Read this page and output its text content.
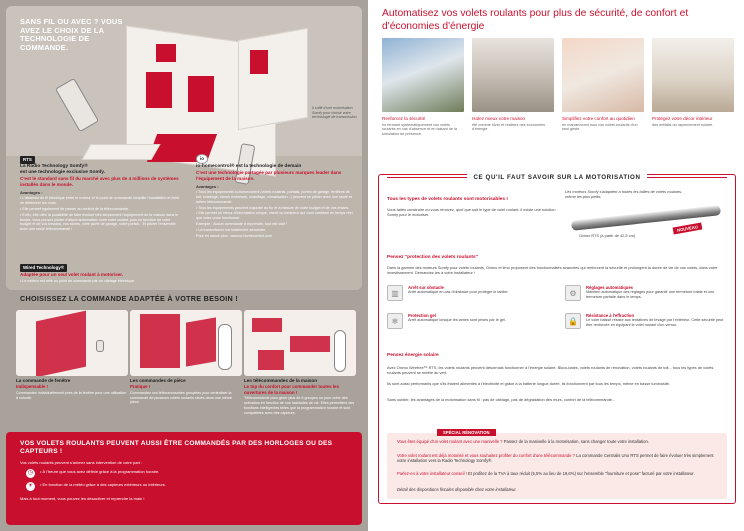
SANS FIL OU AVEC ? VOUS AVEZ LE CHOIX DE LA TECHNOLOGIE DE COMMANDE.
Il suffit d'une motorisation Somfy pour choisir votre technologie de transmission.
RTS
La Radio Technology Somfy®
est une technologie exclusive Somfy.
C'est le standard sans fil du marché avec plus de 4 millions de systèmes installés dans le monde.
Avantages :
• L'absence de fil électrique entre le moteur et le point de commande simplifie l'installation et évite de détériorer les murs.
• Elle permet également de passer au confort de la télécommande.
• Enfin, elle offre la possibilité de faire évoluer très simplement l'équipement de la maison dans le temps. Vous pouvez piloter d'abord automatiser votre volet roulant, puis en fonction de votre budget et de vos besoins, vos stores, votre porte de garage, votre portail... Et piloter l'ensemble avec une seule télécommande !
io
io-homecontrol® est la technologie de demain
C'est une technologie partagée par plusieurs marques leader dans l'équipement de la maison.
Avantages :
• Tous les équipements io-homecontrol (volets roulants, portails, portes de garage, fenêtres de toit, éclairage, stores motorisés, chauffage, climatisation...) peuvent se piloter avec une seule et même télécommande.
• Tous les équipements peuvent s'ajouter au fur et à mesure de votre budget et de vos envies.
• Elle permet un retour d'information unique, visuel ou lumineux qui vous confirme en temps réel que votre ordre fonctionne.
Exemple : Aucun commande à reprendre, tout est clair !
• La transmission est totalement sécurisée.
Pour en savoir plus : www.io-homecontrol.com
Wired Technology®
Adaptée pour un seul volet roulant à motoriser.
• Le moteur est relié au point de commande par un câblage électrique.
CHOISISSEZ LA COMMANDE ADAPTÉE À VOTRE BESOIN !
La commande de fenêtre
Indispensable !
Commandez individuellement près de la fenêtre pour une utilisation à volonté.
Les commandes de pièce
Pratique !
Commandez vos télécommandes groupées pour centraliser la commande de plusieurs volets roulants situés dans une même pièce.
Les télécommandes de la maison
Le top du confort pour commander toutes les ouvertures de la maison !
Télécommande pour gérer plus de 5 groupes ou pour créer des scénarios en fonction de vos habitudes de vie. Elles permettent des fonctions intelligentes telles que la programmation horaire et sont compatibles avec des capteurs.
VOS VOLETS ROULANTS PEUVENT AUSSI ÊTRE COMMANDÉS PAR DES HORLOGES OU DES CAPTEURS !
Vos volets roulants peuvent s'animer sans intervention de votre part :
◷	• À l'heure que vous avez définie grâce à la programmation horaire.
☀	• En fonction de la météo grâce à des capteurs extérieurs ou intérieurs.
Mais à tout moment, vous pouvez les désactiver et reprendre la main !
Automatisez vos volets roulants pour plus de sécurité, de confort et d'économies d'énergie
Renforcez la sécurité
en fermant systématiquement vos volets roulants en cas d'absence et en faisant de la simulation de présence.
Isolez mieux votre maison
été comme hiver et réalisez des économies d'énergie.
Simplifiez votre confort au quotidien
en manœuvrant tous vos volets roulants d'un seul geste.
Protégez votre décor intérieur
des méfaits du rayonnement solaire.
CE QU'IL FAUT SAVOIR SUR LA MOTORISATION
Tous les types de volets roulants sont motorisables !
Vous faites construire ou vous rénovez, quel que soit le type de volet roulant, il existe une solution Somfy pour le motoriser.
Les moteurs Somfy s'adaptent à toutes les tailles de volets roulants, même les plus petits.
Oximo RTS (à partir de 42,5 cm)
NOUVEAU
Pensez "protection des volets roulants"
Dans la gamme des moteurs Somfy pour volets roulants, Oximo et ilmo proposent des fonctionnalités avancées qui renforcent la sécurité et prolongent la durée de vie de vos volets, dans votre investissement. Demandez-les à votre installateur !
▥
Arrêt sur obstacle
Arrêt automatique en cas d'obstacle pour protéger le tablier.	⚙
Réglages automatiques
Maintien automatique des réglages pour garantir une fermeture totale et une fermeture parfaite dans le temps.
❄
Protection gel
Arrêt automatique lorsque les lames sont prises par le gel.	🔒
Résistance à l'effraction
Le volet baissé résiste aux tentatives de levage par l'extérieur. Cette sécurité peut être renforcée en équipant le volet roulant d'un verrou.
Pensez énergie solaire
Avec Oximo Wirefree™ RTS, les volets roulants peuvent désormais fonctionner à l'énergie solaire. Blocs-baies, volets roulants de rénovation, volets roulants de toit... tous les types de volets roulants peuvent se mettre au vert.
Ils sont aussi performants que s'ils étaient alimentés à l'électricité et grâce à la batterie longue durée, ils fonctionnent par tous les temps, même en basse luminosité.
Sans oublier, les avantages de la motorisation sans fil : pas de câblage, pas de dégradation des murs, confort de la télécommande...
SPÉCIAL RÉNOVATION
Vous êtes équipé d'un volet roulant avec une manivelle ? Passez de la manivelle à la motorisation, sans changer toute votre installation.
Votre volet roulant est déjà motorisé et vous souhaitez profiter du confort d'une télécommande ? La commande Centralis Uno RTS permet de faire évoluer très simplement votre installation vers la Radio Technology Somfy®.
Parlez-en à votre installateur conseil ! Et profitez de la TVA à taux réduit (5,5% au lieu de 19,6%) sur l'ensemble "fourniture et pose" facturé par votre installateur.
Détail des dispositions fiscales disponible chez votre installateur.
